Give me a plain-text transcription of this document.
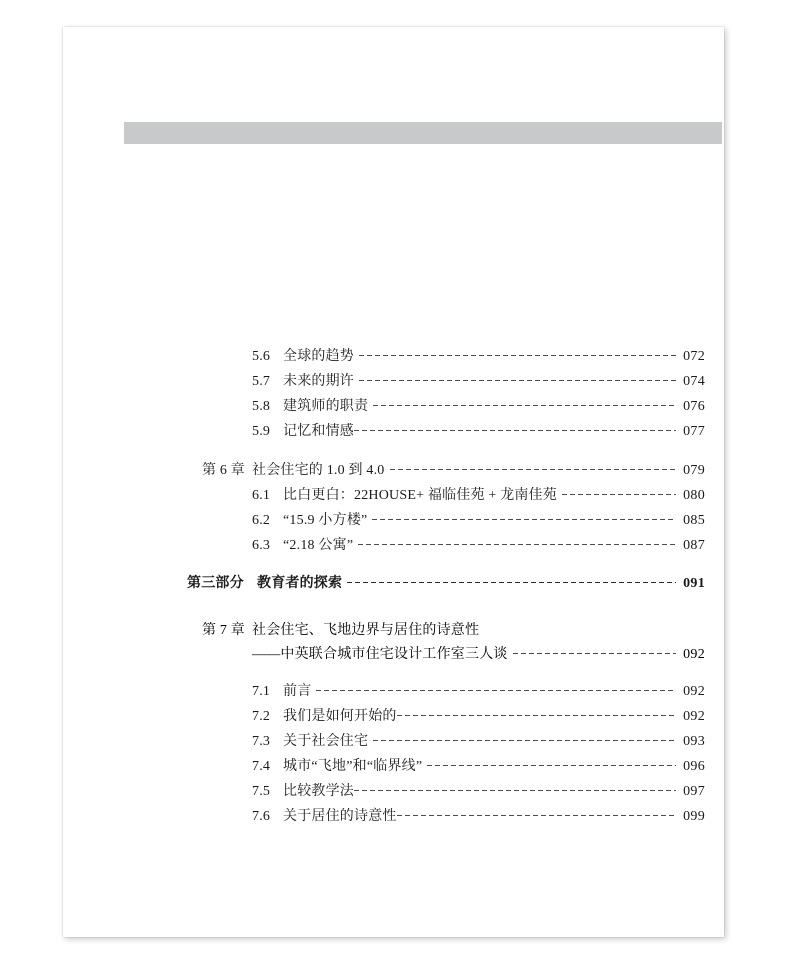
5.6 全球的趋势	072
5.7 未来的期许	074
5.8 建筑师的职责	076
5.9 记忆和情感	077
第 6 章 社会住宅的 1.0 到 4.0	079
6.1 比白更白：22HOUSE+ 福临佳苑 + 龙南佳苑	080
6.2 “15.9 小方楼”	085
6.3 “2.18 公寓”	087
第三部分 教育者的探索	091
第 7 章 社会住宅、飞地边界与居住的诗意性
——中英联合城市住宅设计工作室三人谈	092
7.1 前言	092
7.2 我们是如何开始的	092
7.3 关于社会住宅	093
7.4 城市“飞地”和“临界线”	096
7.5 比较教学法	097
7.6 关于居住的诗意性	099
